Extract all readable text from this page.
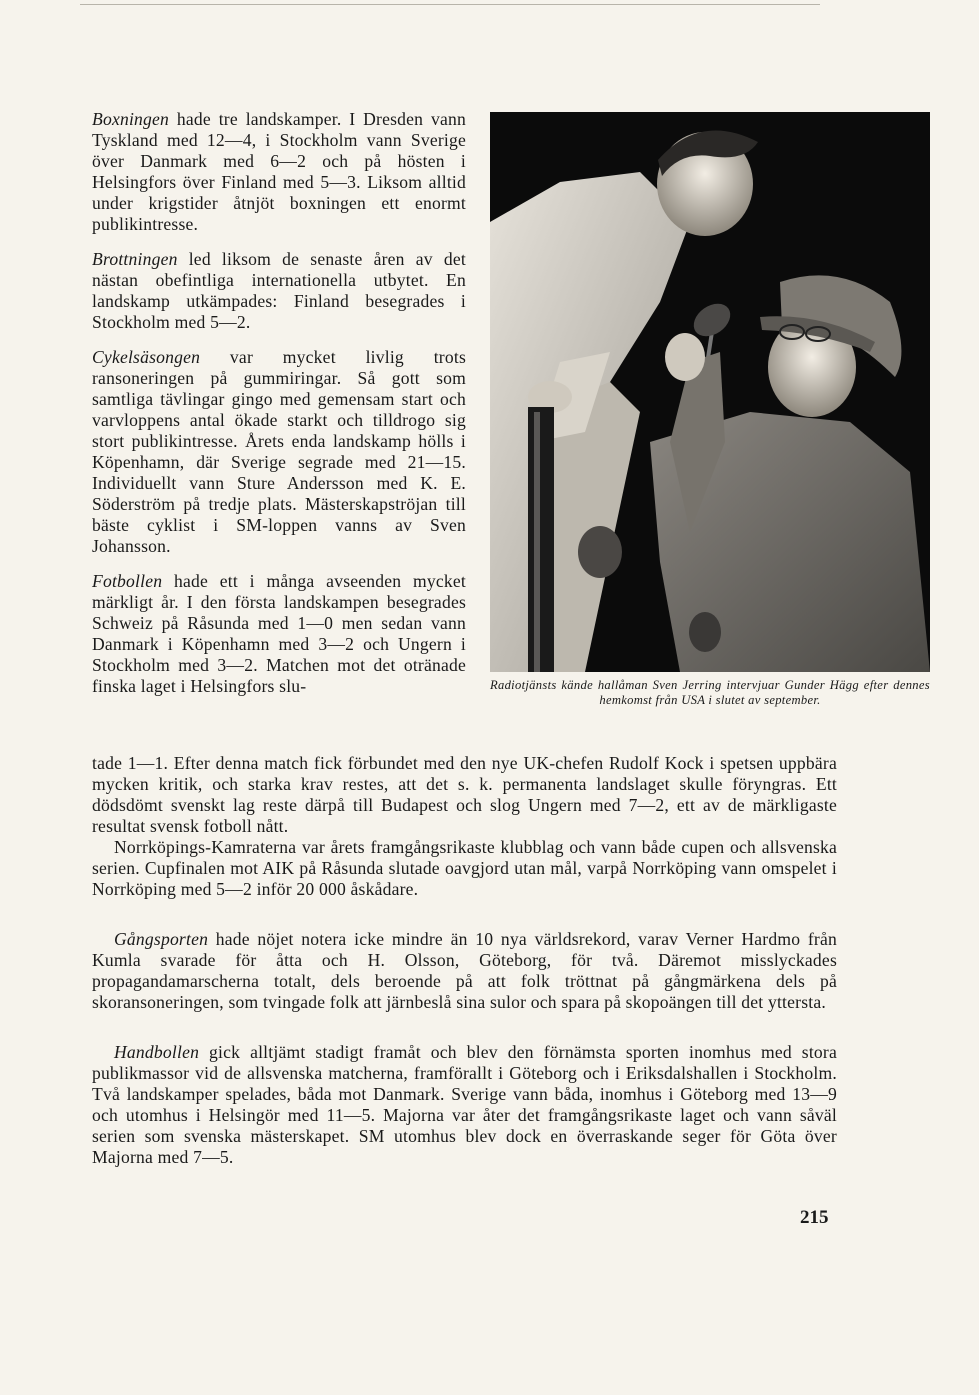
Boxningen hade tre landskamper. I Dresden vann Tyskland med 12—4, i Stockholm vann Sverige över Danmark med 6—2 och på hösten i Helsingfors över Finland med 5—3. Liksom alltid under krigstider åtnjöt boxningen ett enormt publikintresse.

Brottningen led liksom de senaste åren av det nästan obefintliga internationella utbytet. En landskamp utkämpades: Finland besegrades i Stockholm med 5—2.

Cykelsäsongen var mycket livlig trots ransoneringen på gummiringar. Så gott som samtliga tävlingar gingo med gemensam start och varvloppens antal ökade starkt och tilldrogo sig stort publikintresse. Årets enda landskamp hölls i Köpenhamn, där Sverige segrade med 21—15. Individuellt vann Sture Andersson med K. E. Söderström på tredje plats. Mästerskapströjan till bäste cyklist i SM-loppen vanns av Sven Johansson.

Fotbollen hade ett i många avseenden mycket märkligt år. I den första landskampen besegrades Schweiz på Råsunda med 1—0 men sedan vann Danmark i Köpenhamn med 3—2 och Ungern i Stockholm med 3—2. Matchen mot det otränade finska laget i Helsingfors slu-	Radiotjänsts kände hallåman Sven Jerring intervjuar Gunder Hägg efter dennes hemkomst från USA i slutet av september.

tade 1—1. Efter denna match fick förbundet med den nye UK-chefen Rudolf Kock i spetsen uppbära mycken kritik, och starka krav restes, att det s. k. permanenta landslaget skulle föryngras. Ett dödsdömt svenskt lag reste därpå till Budapest och slog Ungern med 7—2, ett av de märkligaste resultat svensk fotboll nått.

Norrköpings-Kamraterna var årets framgångsrikaste klubblag och vann både cupen och allsvenska serien. Cupfinalen mot AIK på Råsunda slutade oavgjord utan mål, varpå Norrköping vann omspelet i Norrköping med 5—2 inför 20 000 åskådare.

Gångsporten hade nöjet notera icke mindre än 10 nya världsrekord, varav Verner Hardmo från Kumla svarade för åtta och H. Olsson, Göteborg, för två. Däremot misslyckades propagandamarscherna totalt, dels beroende på att folk tröttnat på gångmärkena dels på skoransoneringen, som tvingade folk att järnbeslå sina sulor och spara på skopoängen till det yttersta.

Handbollen gick alltjämt stadigt framåt och blev den förnämsta sporten inomhus med stora publikmassor vid de allsvenska matcherna, framförallt i Göteborg och i Eriksdalshallen i Stockholm. Två landskamper spelades, båda mot Danmark. Sverige vann båda, inomhus i Göteborg med 13—9 och utomhus i Helsingör med 11—5. Majorna var åter det framgångsrikaste laget och vann såväl serien som svenska mästerskapet. SM utomhus blev dock en överraskande seger för Göta över Majorna med 7—5.

215
